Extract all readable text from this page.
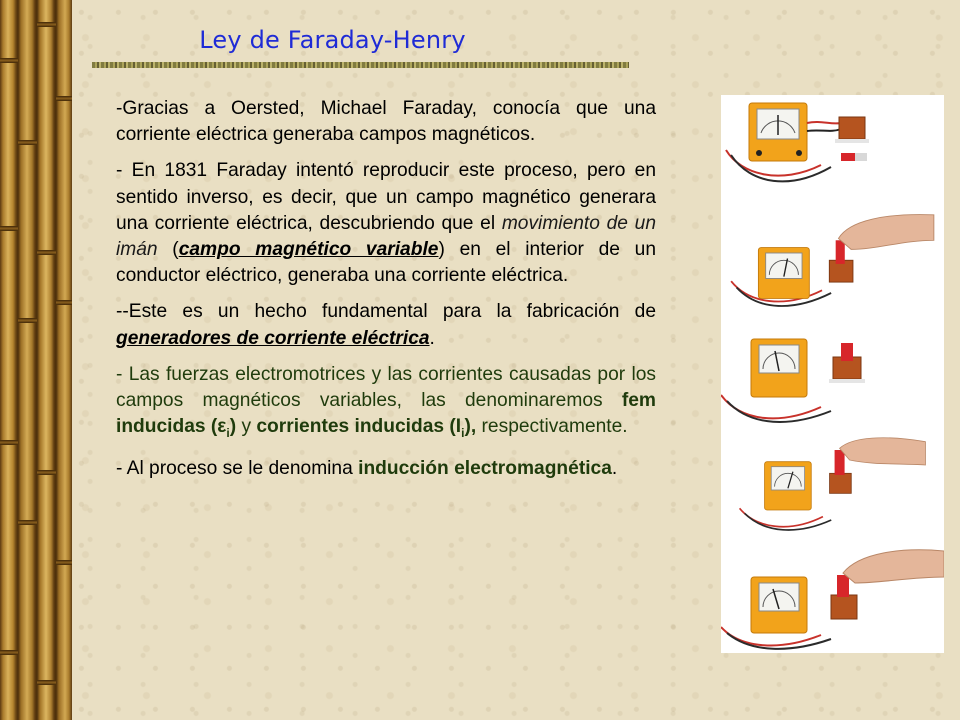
Ley de Faraday-Henry

-Gracias a Oersted, Michael Faraday, conocía que una corriente eléctrica generaba campos magnéticos.

- En 1831 Faraday intentó reproducir este proceso, pero en sentido inverso, es decir, que un campo magnético generara una corriente eléctrica, descubriendo que el movimiento de un imán (campo magnético variable) en el interior de un conductor eléctrico, generaba una corriente eléctrica.

--Este es un hecho fundamental para la fabricación de generadores de corriente eléctrica.

- Las fuerzas electromotrices y las corrientes causadas por los campos magnéticos variables, las denominaremos fem inducidas $(\varepsilon_i)$ y corrientes inducidas $(I_i)$, respectivamente.

- Al proceso se le denomina inducción electromagnética.
